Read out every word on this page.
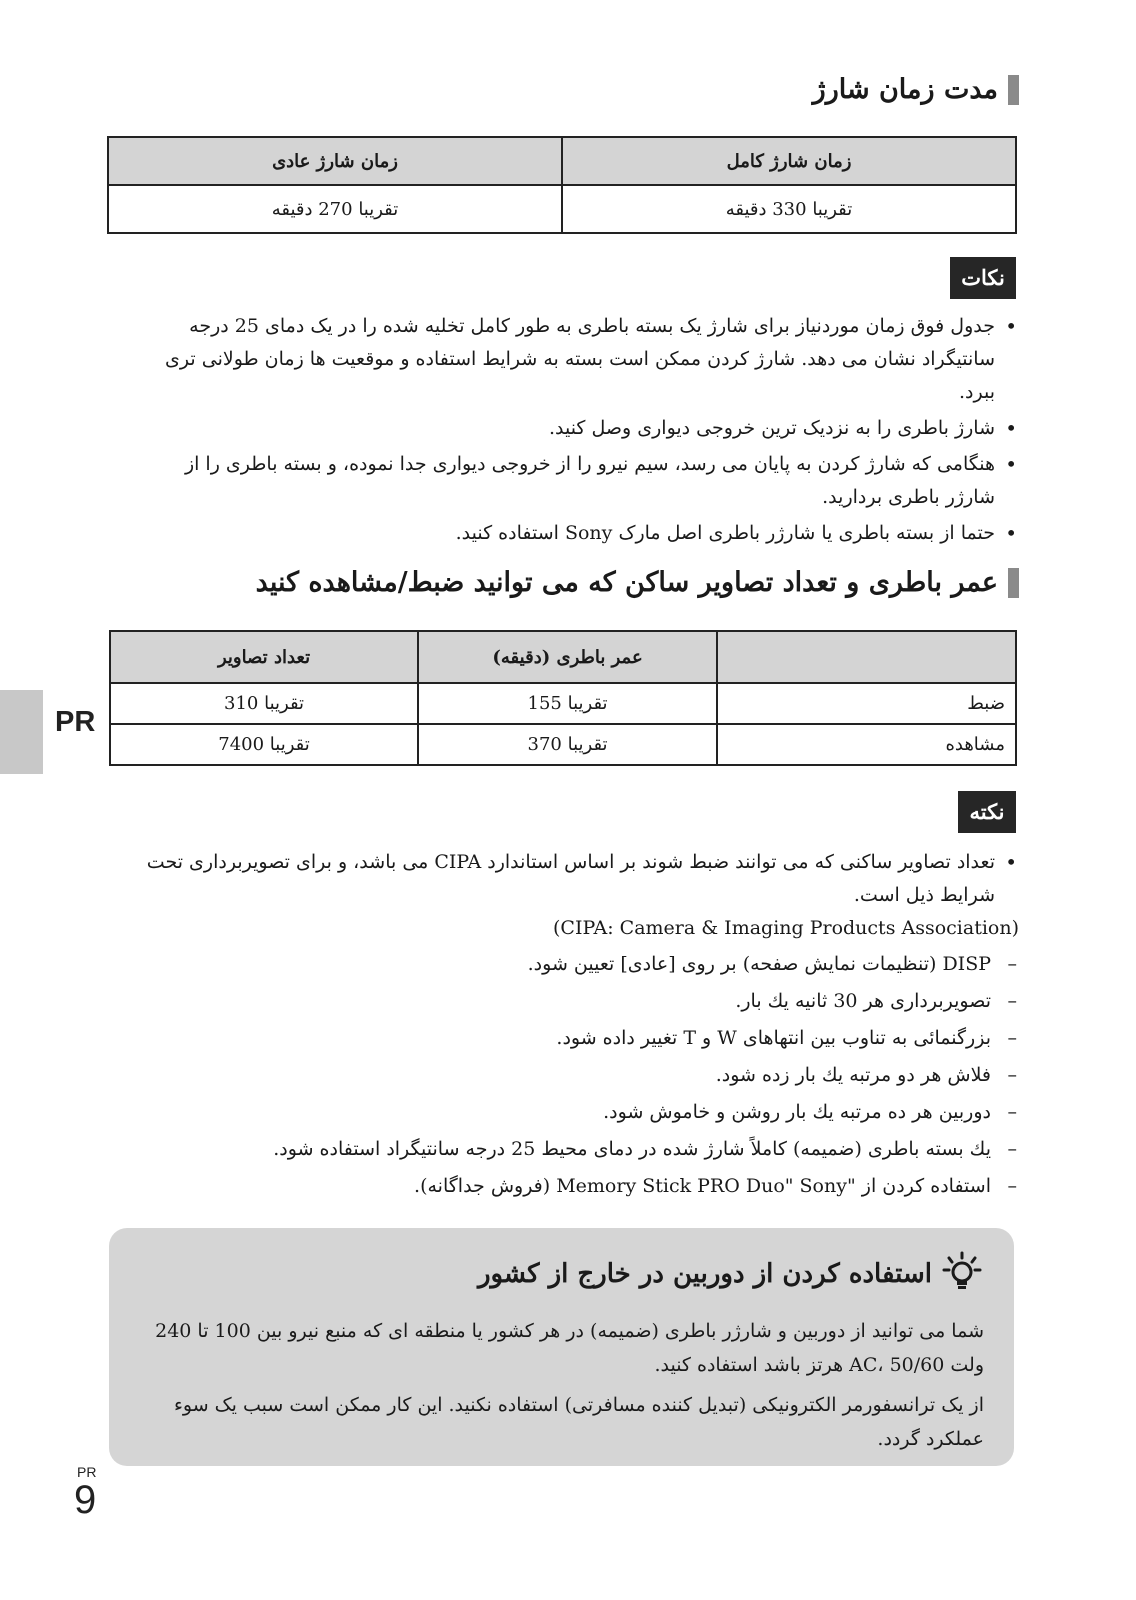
مدت زمان شارژ
زمان شارژ کامل	زمان شارژ عادی
تقریبا 330 دقیقه	تقریبا 270 دقیقه
نکات
• جدول فوق زمان موردنیاز برای شارژ یک بسته باطری به طور کامل تخلیه شده را در یک دمای 25 درجه سانتیگراد نشان می دهد. شارژ کردن ممکن است بسته به شرایط استفاده و موقعیت ها زمان طولانی تری ببرد.
• شارژ باطری را به نزدیک ترین خروجی دیواری وصل کنید.
• هنگامی که شارژ کردن به پایان می رسد، سیم نیرو را از خروجی دیواری جدا نموده، و بسته باطری را از شارژر باطری بردارید.
• حتما از بسته باطری یا شارژر باطری اصل مارک Sony استفاده کنید.
عمر باطری و تعداد تصاویر ساکن که می توانید ضبط/مشاهده کنید
	عمر باطری (دقیقه)	تعداد تصاویر
ضبط	تقریبا 155	تقریبا 310
مشاهده	تقریبا 370	تقریبا 7400
PR
نکته
• تعداد تصاویر ساکنی که می توانند ضبط شوند بر اساس استاندارد CIPA می باشد، و برای تصویربرداری تحت شرایط ذیل است.
(CIPA: Camera & Imaging Products Association)
– DISP (تنظیمات نمایش صفحه) بر روی [عادی] تعیین شود.
– تصویربرداری هر 30 ثانیه یك بار.
– بزرگنمائی به تناوب بین انتهاهای W و T تغییر داده شود.
– فلاش هر دو مرتبه یك بار زده شود.
– دوربین هر ده مرتبه یك بار روشن و خاموش شود.
– یك بسته باطری (ضمیمه) کاملاً شارژ شده در دمای محیط 25 درجه سانتیگراد استفاده شود.
– استفاده کردن از "Memory Stick PRO Duo" Sony (فروش جداگانه).
استفاده کردن از دوربین در خارج از کشور

شما می توانید از دوربین و شارژر باطری (ضمیمه) در هر کشور یا منطقه ای که منبع نیرو بین 100 تا 240 ولت AC، 50/60 هرتز باشد استفاده کنید.

از یک ترانسفورمر الکترونیکی (تبدیل کننده مسافرتی) استفاده نکنید. این کار ممکن است سبب یک سوء عملکرد گردد.

PR
9
